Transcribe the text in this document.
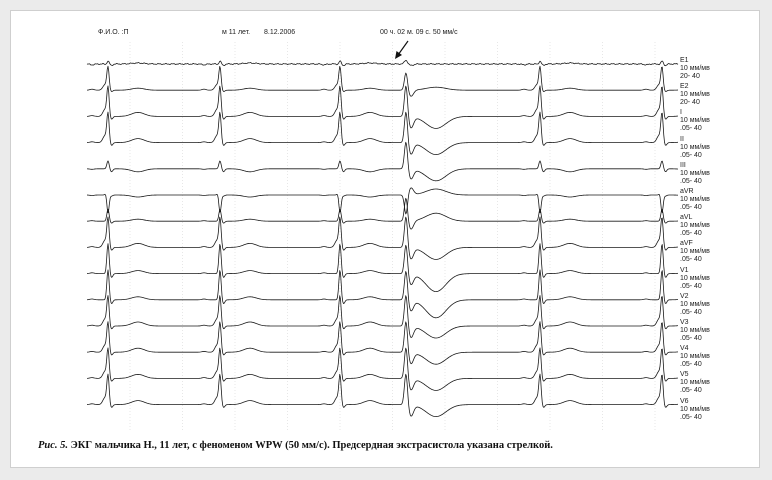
Ф.И.О. :П	м 11 лет. 8.12.2006	00 ч. 02 м. 09 с. 50 мм/с
E1
10 мм/мв
20- 40
E2
10 мм/мв
20- 40
I
10 мм/мв
.05- 40
II
10 мм/мв
.05- 40
III
10 мм/мв
.05- 40
aVR
10 мм/мв
.05- 40
aVL
10 мм/мв
.05- 40
aVF
10 мм/мв
.05- 40
V1
10 мм/мв
.05- 40
V2
10 мм/мв
.05- 40
V3
10 мм/мв
.05- 40
V4
10 мм/мв
.05- 40
V5
10 мм/мв
.05- 40
V6
10 мм/мв
.05- 40
Рис. 5. ЭКГ мальчика Н., 11 лет, с феноменом WPW (50 мм/с). Предсердная экстрасистола указана стрелкой.
